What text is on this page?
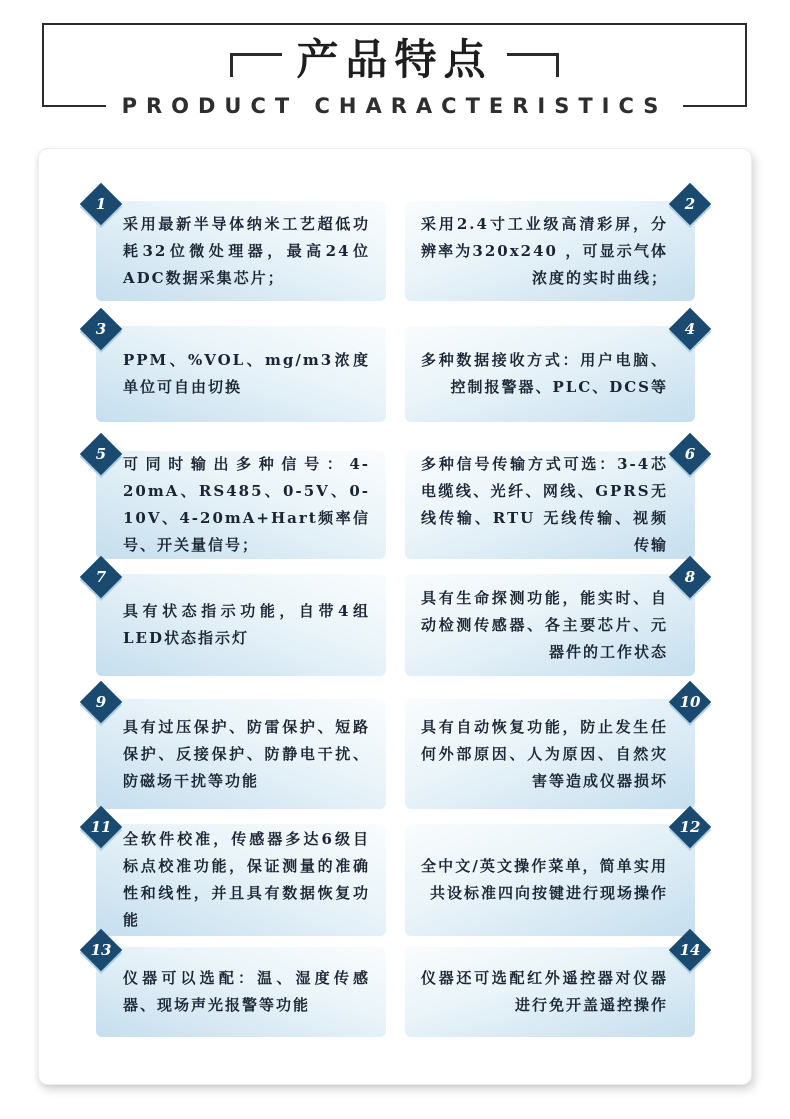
产品特点
PRODUCT CHARACTERISTICS
1
采用最新半导体纳米工艺超低功耗32位微处理器，最高24位ADC数据采集芯片；
2
采用2.4寸工业级高清彩屏，分辨率为320x240 ，可显示气体浓度的实时曲线；
3
PPM、%VOL、mg/m3浓度单位可自由切换
4
多种数据接收方式：用户电脑、控制报警器、PLC、DCS等
5
可同时输出多种信号：4-20mA、RS485、0-5V、0-10V、4-20mA+Hart频率信号、开关量信号；
6
多种信号传输方式可选：3-4芯电缆线、光纤、网线、GPRS无线传输、RTU 无线传输、视频传输
7
具有状态指示功能，自带4组LED状态指示灯
8
具有生命探测功能，能实时、自动检测传感器、各主要芯片、元器件的工作状态
9
具有过压保护、防雷保护、短路保护、反接保护、防静电干扰、防磁场干扰等功能
10
具有自动恢复功能，防止发生任何外部原因、人为原因、自然灾害等造成仪器损坏
11
全软件校准，传感器多达6级目标点校准功能，保证测量的准确性和线性，并且具有数据恢复功能
12
全中文/英文操作菜单，简单实用共设标准四向按键进行现场操作
13
仪器可以选配：温、湿度传感器、现场声光报警等功能
14
仪器还可选配红外遥控器对仪器进行免开盖遥控操作
